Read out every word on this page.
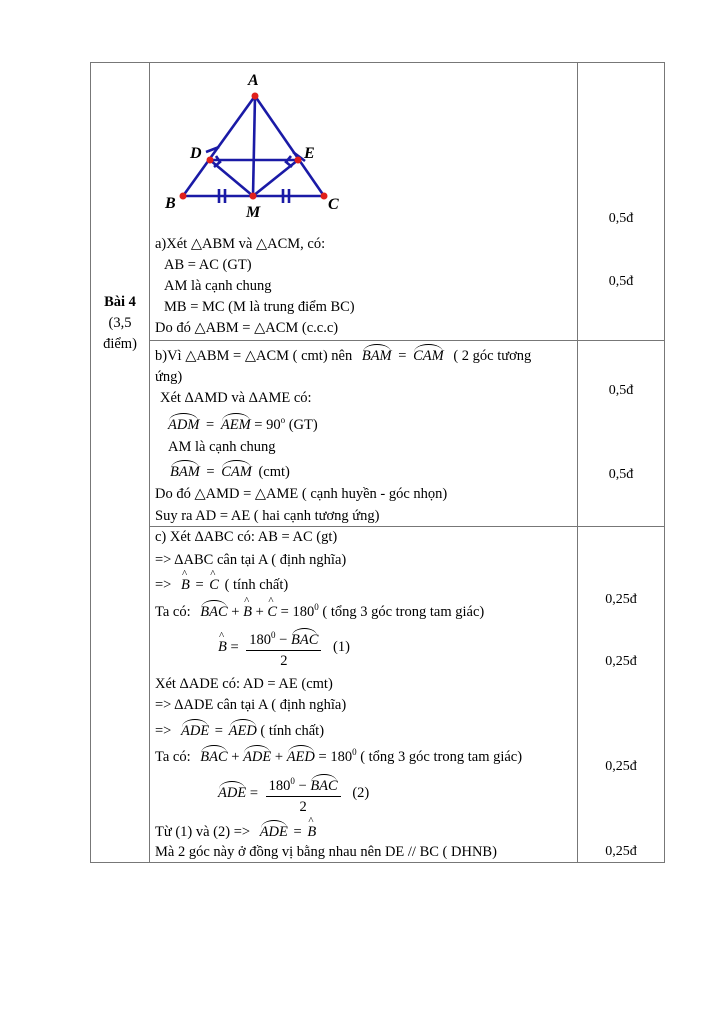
Bài 4
(3,5
điểm)
A
D	E
B
M	C
a)Xét △ABM và △ACM, có:
AB = AC (GT)
AM là cạnh chung
MB = MC (M là trung điểm BC)
Do đó △ABM = △ACM (c.c.c)
0,5đ
0,5đ
b)Vì △ABM = △ACM ( cmt) nên BAM = CAM ( 2 góc tương
ứng)
Xét ΔAMD và ΔAME có:
ADM = AEM = $90^o$ (GT)
AM là cạnh chung
BAM = CAM (cmt)
Do đó △AMD = △AME ( cạnh huyền - góc nhọn)
Suy ra AD = AE ( hai cạnh tương ứng)
0,5đ
0,5đ
c) Xét ΔABC có: AB = AC (gt)
=> ΔABC cân tại A ( định nghĩa)
=> ^ B = ^ C ( tính chất)
Ta có: BAC + ^ B + ^ $C = 180^0$ ( tổng 3 góc trong tam giác)
^ $B = \frac{180^0 - BAC}{2} (1)$
Xét ΔADE có: AD = AE (cmt)
=> ΔADE cân tại A ( định nghĩa)
=> ADE = AED ( tính chất)
Ta có: BAC + ADE + AED = $180^0$ ( tổng 3 góc trong tam giác)
ADE = $\frac{180^0 - BAC}{2} (2)$
Từ (1) và (2) => ADE = ^ B
Mà 2 góc này ở đồng vị bằng nhau nên DE // BC ( DHNB)
0,25đ
0,25đ
0,25đ
0,25đ
